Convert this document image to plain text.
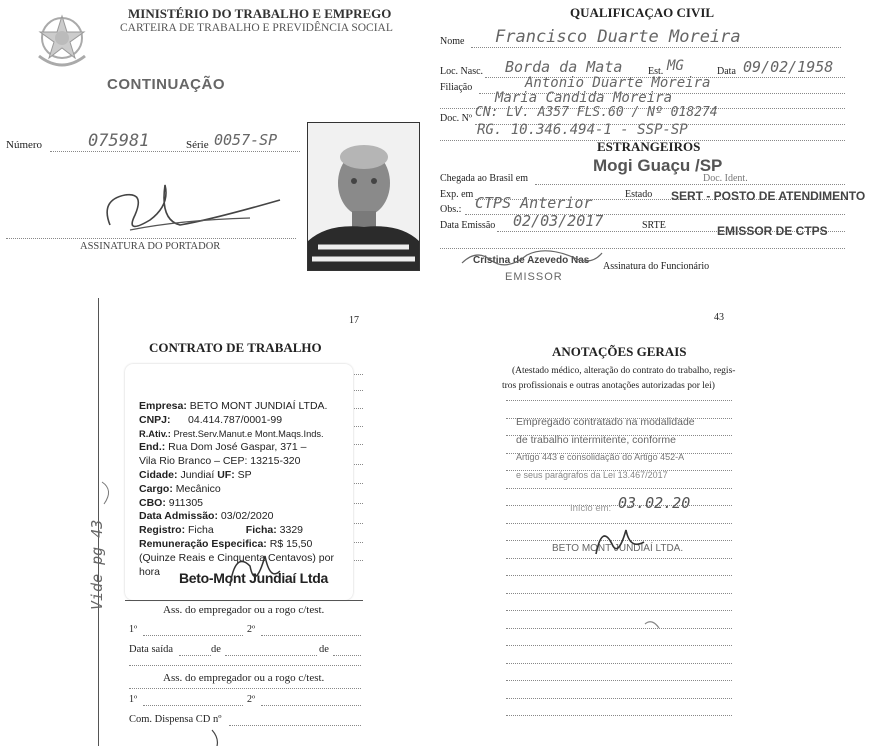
MINISTÉRIO DO TRABALHO E EMPREGO
CARTEIRA DE TRABALHO E PREVIDÊNCIA SOCIAL
CONTINUAÇÃO
Número	075981	Série 0057-SP
ASSINATURA DO PORTADOR
QUALIFICAÇAO CIVIL
Nome Francisco Duarte Moreira
Loc. Nasc. Borda da Mata	Est. MG	Data 09/02/1958
Filiação	Antonio Duarte Moreira
Maria Candida Moreira
Doc. Nº CN: LV. A357 FLS.60 / Nº 018274
RG. 10.346.494-1 - SSP-SP
ESTRANGEIROS
Chegada ao Brasil em
Mogi Guaçu /SP
Doc. Ident.
Exp. em	Estado SERT - POSTO DE ATENDIMENTO
Obs.: CTPS Anterior
Data Emissão 02/03/2017	SRTE	EMISSOR DE CTPS
Cristina de Azevedo Nas
Assinatura do Funcionário
EMISSOR
17
CONTRATO DE TRABALHO
Empresa: BETO MONT JUNDIAÍ LTDA.
CNPJ: 04.414.787/0001-99
R.Ativ.: Prest.Serv.Manut.e Mont.Maqs.Inds.
End.: Rua Dom José Gaspar, 371 –
Vila Rio Branco – CEP: 13215-320
Cidade: Jundiaí UF: SP
Cargo: Mecânico
CBO: 911305
Data Admissão: 03/02/2020
Registro: Ficha	Ficha: 3329
Remuneração Especifica: R$ 15,50
(Quinze Reais e Cinquenta Centavos) por
hora	Beto-Mont Jundiaí Ltda
Ass. do empregador ou a rogo c/test.
1º	2º
Data saída	de	de
Ass. do empregador ou a rogo c/test.
1º	2º
Com. Dispensa CD nº
Vide pg 43
43
ANOTAÇÕES GERAIS
(Atestado médico, alteração do contrato do trabalho, regis-
tros profissionais e outras anotações autorizadas por lei)
Empregado contratado na modalidade
de trabalho intermitente, conforme
Artigo 443 e consolidação do Artigo 452-A
e seus parágrafos da Lei 13.467/2017
Início em: 03.02.20
BETO MONT JUNDIAÍ LTDA.
